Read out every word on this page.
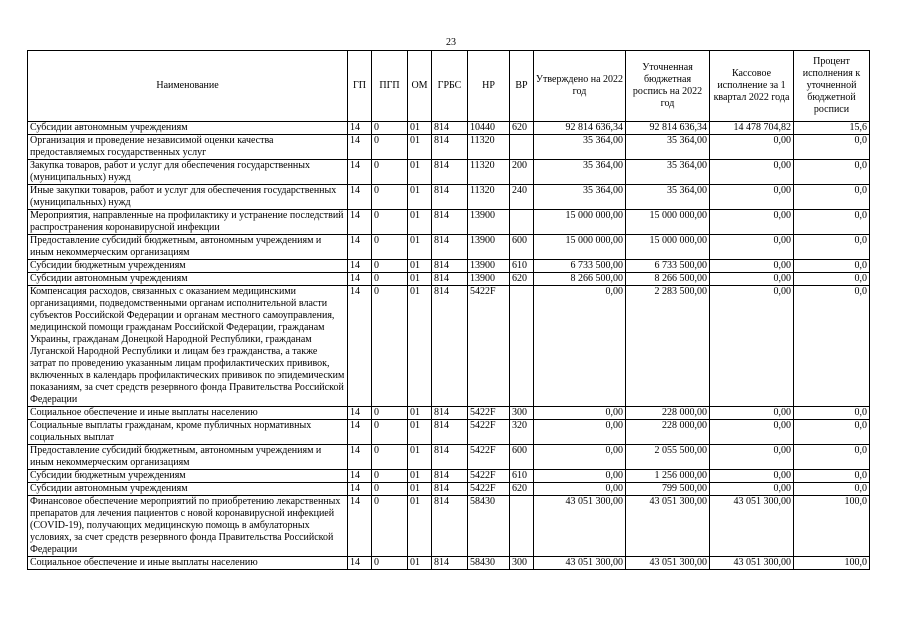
23
Наименование	ГП	ПГП	ОМ	ГРБС	НР	ВР	Утверждено на 2022 год	Уточненная бюджетная роспись на 2022 год	Кассовое исполнение за 1 квартал 2022 года	Процент исполнения к уточненной бюджетной росписи
Субсидии автономным учреждениям	14	0	01	814	10440	620	92 814 636,34	92 814 636,34	14 478 704,82	15,6
Организация и проведение независимой оценки качества предоставляемых государственных услуг	14	0	01	814	11320		35 364,00	35 364,00	0,00	0,0
Закупка товаров, работ и услуг для обеспечения государственных (муниципальных) нужд	14	0	01	814	11320	200	35 364,00	35 364,00	0,00	0,0
Иные закупки товаров, работ и услуг для обеспечения государственных (муниципальных) нужд	14	0	01	814	11320	240	35 364,00	35 364,00	0,00	0,0
Мероприятия, направленные на профилактику и устранение последствий распространения коронавирусной инфекции	14	0	01	814	13900		15 000 000,00	15 000 000,00	0,00	0,0
Предоставление субсидий бюджетным, автономным учреждениям и иным некоммерческим организациям	14	0	01	814	13900	600	15 000 000,00	15 000 000,00	0,00	0,0
Субсидии бюджетным учреждениям	14	0	01	814	13900	610	6 733 500,00	6 733 500,00	0,00	0,0
Субсидии автономным учреждениям	14	0	01	814	13900	620	8 266 500,00	8 266 500,00	0,00	0,0
Компенсация расходов, связанных с оказанием медицинскими организациями, подведомственными органам исполнительной власти субъектов Российской Федерации и органам местного самоуправления, медицинской помощи гражданам Российской Федерации, гражданам Украины, гражданам Донецкой Народной Республики, гражданам Луганской Народной Республики и лицам без гражданства, а также затрат по проведению указанным лицам профилактических прививок, включенных в календарь профилактических прививок по эпидемическим показаниям, за счет средств резервного фонда Правительства Российской Федерации	14	0	01	814	5422F		0,00	2 283 500,00	0,00	0,0
Социальное обеспечение и иные выплаты населению	14	0	01	814	5422F	300	0,00	228 000,00	0,00	0,0
Социальные выплаты гражданам, кроме публичных нормативных социальных выплат	14	0	01	814	5422F	320	0,00	228 000,00	0,00	0,0
Предоставление субсидий бюджетным, автономным учреждениям и иным некоммерческим организациям	14	0	01	814	5422F	600	0,00	2 055 500,00	0,00	0,0
Субсидии бюджетным учреждениям	14	0	01	814	5422F	610	0,00	1 256 000,00	0,00	0,0
Субсидии автономным учреждениям	14	0	01	814	5422F	620	0,00	799 500,00	0,00	0,0
Финансовое обеспечение мероприятий по приобретению лекарственных препаратов для лечения пациентов с новой коронавирусной инфекцией (COVID-19), получающих медицинскую помощь в амбулаторных условиях, за счет средств резервного фонда Правительства Российской Федерации	14	0	01	814	58430		43 051 300,00	43 051 300,00	43 051 300,00	100,0
Социальное обеспечение и иные выплаты населению	14	0	01	814	58430	300	43 051 300,00	43 051 300,00	43 051 300,00	100,0
